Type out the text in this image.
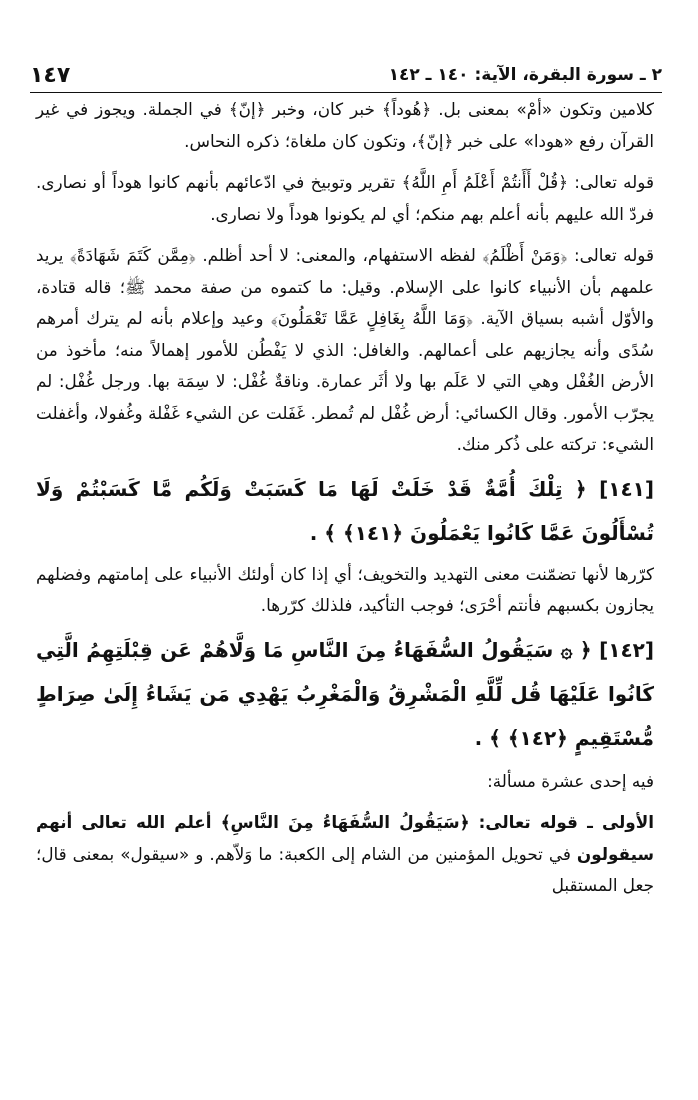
٢ ـ سورة البقرة، الآية: ١٤٠ ـ ١٤٢
١٤٧

كلامين وتكون «أمْ» بمعنى بل. ﴿هُوداً﴾ خبر كان، وخبر ﴿إنّ﴾ في الجملة. ويجوز في غير القرآن رفع «هودا» على خبر ﴿إنّ﴾، وتكون كان ملغاة؛ ذكره النحاس.

قوله تعالى: ﴿قُلْ أَأَنتُمْ أَعْلَمُ أَمِ اللَّهُ﴾ تقرير وتوبيخ في ادّعائهم بأنهم كانوا هوداً أو نصارى. فردّ الله عليهم بأنه أعلم بهم منكم؛ أي لم يكونوا هوداً ولا نصارى.

قوله تعالى: ﴿وَمَنْ أَظْلَمُ﴾ لفظه الاستفهام، والمعنى: لا أحد أظلم. ﴿مِمَّن كَتَمَ شَهَادَةً﴾ يريد علمهم بأن الأنبياء كانوا على الإسلام. وقيل: ما كتموه من صفة محمد ﷺ؛ قاله قتادة، والأوّل أشبه بسياق الآية. ﴿وَمَا اللَّهُ بِغَافِلٍ عَمَّا تَعْمَلُونَ﴾ وعيد وإعلام بأنه لم يترك أمرهم سُدًى وأنه يجازيهم على أعمالهم. والغافل: الذي لا يَفْطُن للأمور إهمالاً منه؛ مأخوذ من الأرض الغُفْل وهي التي لا عَلَم بها ولا أثَر عمارة. وناقةٌ غُفْل: لا سِمَة بها. ورجل غُفْل: لم يجرّب الأمور. وقال الكسائي: أرض غُفْل لم تُمطر. غَفَلت عن الشيء غَفْلة وغُفولا، وأغفلت الشيء: تركته على ذُكر منك.

[١٤١] ﴿ تِلْكَ أُمَّةٌ قَدْ خَلَتْ لَهَا مَا كَسَبَتْ وَلَكُم مَّا كَسَبْتُمْ وَلَا تُسْأَلُونَ عَمَّا كَانُوا يَعْمَلُونَ ﴿١٤١﴾ ﴾ .

كرّرها لأنها تضمّنت معنى التهديد والتخويف؛ أي إذا كان أولئك الأنبياء على إمامتهم وفضلهم يجازون بكسبهم فأنتم أحْرَى؛ فوجب التأكيد، فلذلك كرّرها.

[١٤٢] ﴿ ۞ سَيَقُولُ السُّفَهَاءُ مِنَ النَّاسِ مَا وَلَّاهُمْ عَن قِبْلَتِهِمُ الَّتِي كَانُوا عَلَيْهَا قُل لِّلَّهِ الْمَشْرِقُ وَالْمَغْرِبُ يَهْدِي مَن يَشَاءُ إِلَىٰ صِرَاطٍ مُّسْتَقِيمٍ ﴿١٤٢﴾ ﴾ .

فيه إحدى عشرة مسألة:

الأولى ـ قوله تعالى: ﴿سَيَقُولُ السُّفَهَاءُ مِنَ النَّاسِ﴾ أعلم الله تعالى أنهم سيقولون في تحويل المؤمنين من الشام إلى الكعبة: ما وَلاّهم. و «سيقول» بمعنى قال؛ جعل المستقبل
